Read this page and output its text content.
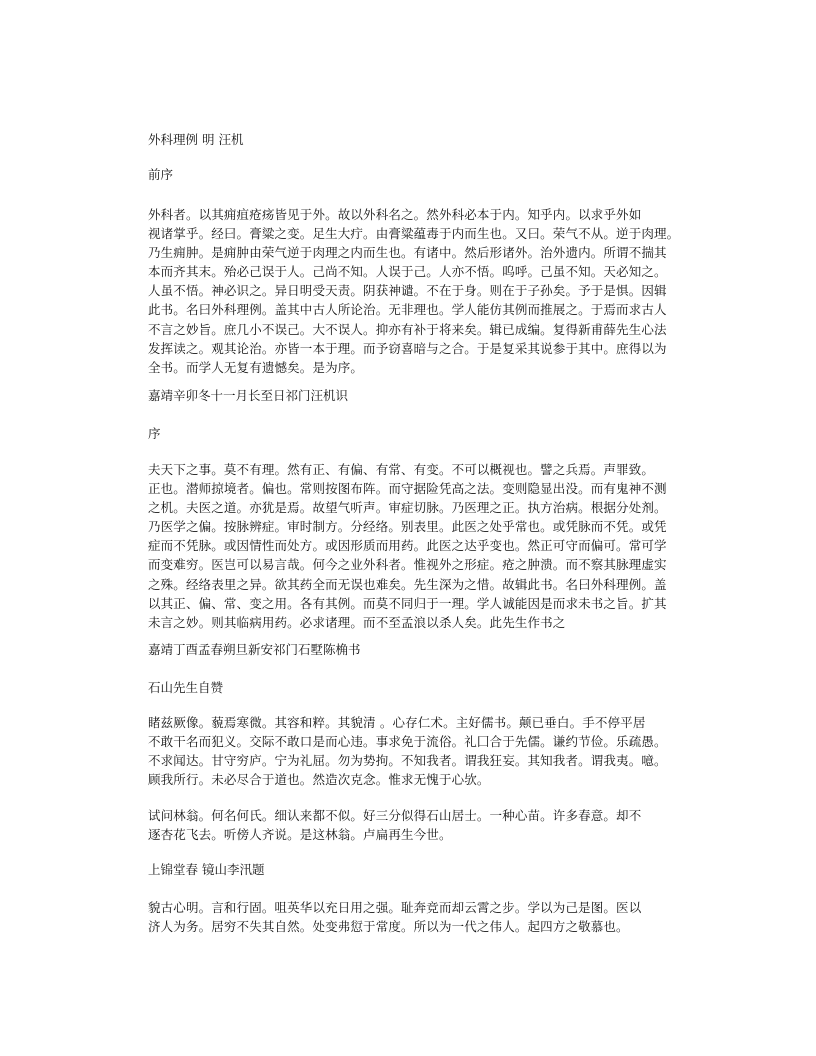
外科理例 明 汪机
前序
外科者。以其痈疽疮疡皆见于外。故以外科名之。然外科必本于内。知乎内。以求乎外如
视诸掌乎。经曰。膏粱之变。足生大疔。由膏粱蕴毒于内而生也。又曰。荣气不从。逆于肉理。
乃生痈肿。是痈肿由荣气逆于肉理之内而生也。有诸中。然后形诸外。治外遗内。所谓不揣其
本而齐其末。殆必己误于人。己尚不知。人误于己。人亦不悟。呜呼。己虽不知。天必知之。
人虽不悟。神必识之。异日明受天责。阴获神谴。不在于身。则在于子孙矣。予于是惧。因辑
此书。名曰外科理例。盖其中古人所论治。无非理也。学人能仿其例而推展之。于焉而求古人
不言之妙旨。庶几小不误己。大不误人。抑亦有补于将来矣。辑已成编。复得新甫薛先生心法
发挥读之。观其论治。亦皆一本于理。而予窃喜暗与之合。于是复采其说参于其中。庶得以为
全书。而学人无复有遗憾矣。是为序。
嘉靖辛卯冬十一月长至日祁门汪机识
序
夫天下之事。莫不有理。然有正、有偏、有常、有变。不可以概视也。譬之兵焉。声罪致。
正也。潜师掠境者。偏也。常则按图布阵。而守据险凭高之法。变则隐显出没。而有鬼神不测
之机。夫医之道。亦犹是焉。故望气听声。审症切脉。乃医理之正。执方治病。根据分处剂。
乃医学之偏。按脉辨症。审时制方。分经络。别表里。此医之处乎常也。或凭脉而不凭。或凭
症而不凭脉。或因情性而处方。或因形质而用药。此医之达乎变也。然正可守而偏可。常可学
而变难穷。医岂可以易言哉。何今之业外科者。惟视外之形症。疮之肿溃。而不察其脉理虚实
之殊。经络表里之异。欲其药全而无误也难矣。先生深为之惜。故辑此书。名曰外科理例。盖
以其正、偏、常、变之用。各有其例。而莫不同归于一理。学人诚能因是而求未书之旨。扩其
未言之妙。则其临病用药。必求诸理。而不至孟浪以杀人矣。此先生作书之
嘉靖丁酉孟春朔旦新安祁门石墅陈桷书
石山先生自赞
睹兹厥像。藐焉寒微。其容和粹。其貌清 。心存仁术。主好儒书。颠已垂白。手不停平居
不敢干名而犯义。交际不敢口是而心违。事求免于流俗。礼囗合于先儒。谦约节俭。乐疏愚。
不求闻达。甘守穷庐。宁为礼屈。勿为势拘。不知我者。谓我狂妄。其知我者。谓我夷。噫。
顾我所行。未必尽合于道也。然造次克念。惟求无愧于心欤。
试问林翁。何名何氏。细认来都不似。好三分似得石山居士。一种心苗。许多春意。却不
逐杏花飞去。听傍人齐说。是这林翁。卢扁再生今世。
上锦堂春 镜山李汛题
貌古心明。言和行固。咀英华以充日用之强。耻奔竞而却云霄之步。学以为己是图。医以
济人为务。居穷不失其自然。处变弗愆于常度。所以为一代之伟人。起四方之敬慕也。
